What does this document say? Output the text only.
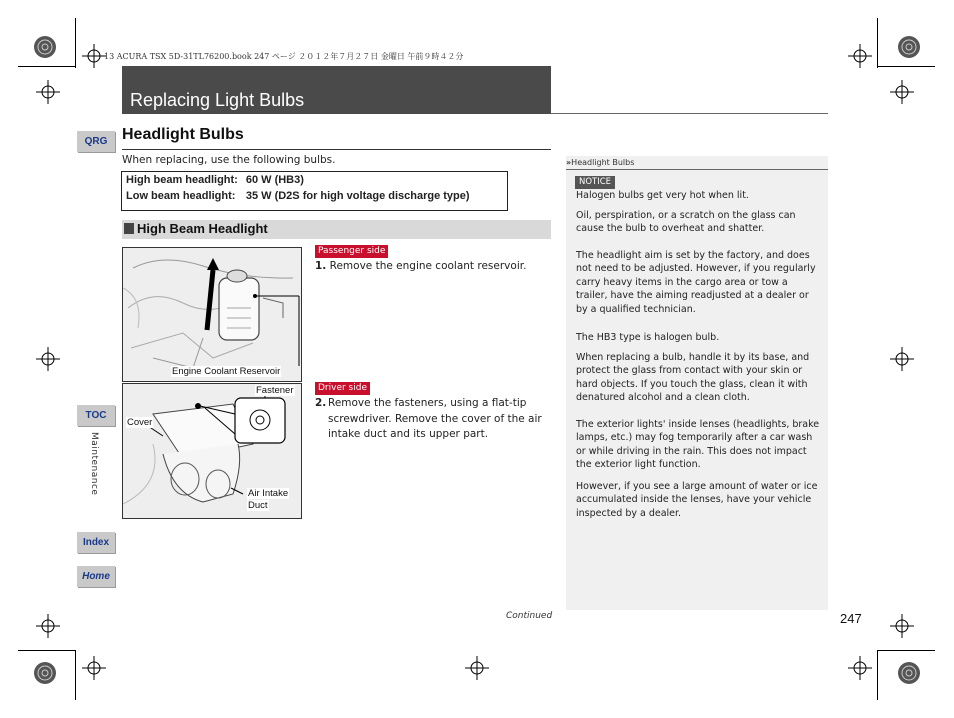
13 ACURA TSX 5D-31TL76200.book 247 ページ ２０１２年７月２７日 金曜日 午前９時４２分
Replacing Light Bulbs
QRG
TOC
Maintenance
Index
Home
Headlight Bulbs
When replacing, use the following bulbs.
High beam headlight:	60 W (HB3)
Low beam headlight:	35 W (D2S for high voltage discharge type)
High Beam Headlight
Engine Coolant Reservoir
Passenger side
1. Remove the engine coolant reservoir.
Fastener
Cover
Air Intake
Duct
Driver side
2. Remove the fasteners, using a flat-tip screwdriver. Remove the cover of the air intake duct and its upper part.
»Headlight Bulbs
NOTICE
Halogen bulbs get very hot when lit.
Oil, perspiration, or a scratch on the glass can cause the bulb to overheat and shatter.
The headlight aim is set by the factory, and does not need to be adjusted. However, if you regularly carry heavy items in the cargo area or tow a trailer, have the aiming readjusted at a dealer or by a qualified technician.
The HB3 type is halogen bulb.
When replacing a bulb, handle it by its base, and protect the glass from contact with your skin or hard objects. If you touch the glass, clean it with denatured alcohol and a clean cloth.
The exterior lights' inside lenses (headlights, brake lamps, etc.) may fog temporarily after a car wash or while driving in the rain. This does not impact the exterior light function.
However, if you see a large amount of water or ice accumulated inside the lenses, have your vehicle inspected by a dealer.
Continued	247
